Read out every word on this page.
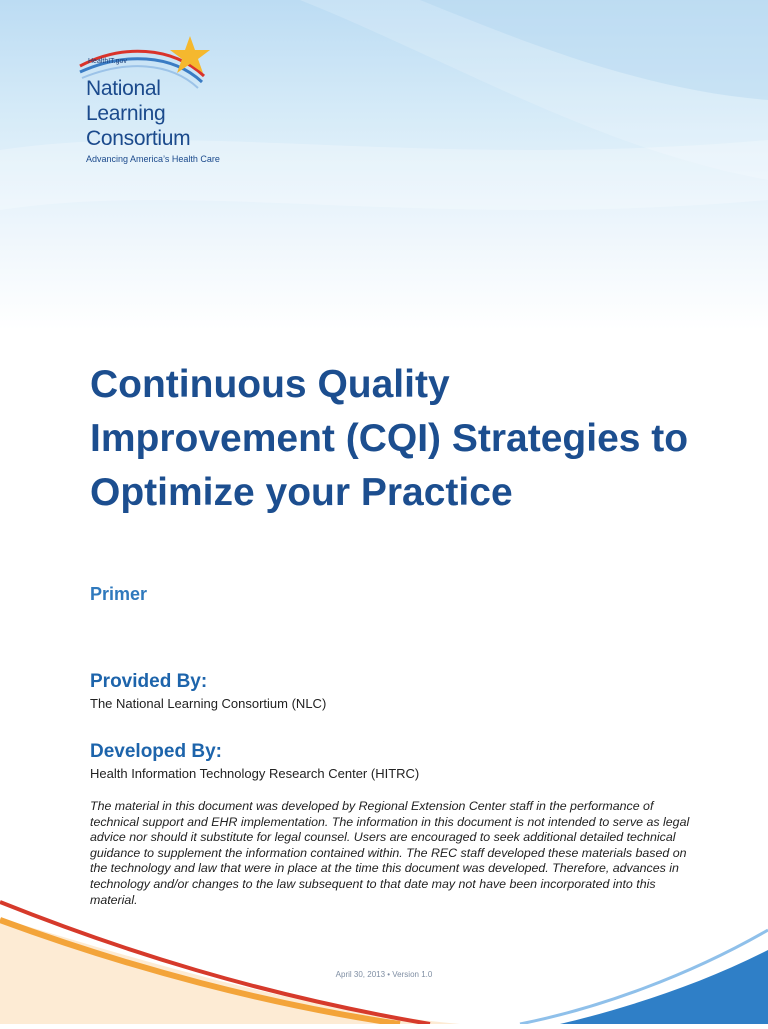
HealthIT.gov
National
Learning
Consortium
Advancing America’s Health Care
Continuous Quality Improvement (CQI) Strategies to Optimize your Practice

Primer

Provided By:

The National Learning Consortium (NLC)

Developed By:

Health Information Technology Research Center (HITRC)

The material in this document was developed by Regional Extension Center staff in the performance of technical support and EHR implementation. The information in this document is not intended to serve as legal advice nor should it substitute for legal counsel. Users are encouraged to seek additional detailed technical guidance to supplement the information contained within. The REC staff developed these materials based on the technology and law that were in place at the time this document was developed. Therefore, advances in technology and/or changes to the law subsequent to that date may not have been incorporated into this material.

April 30, 2013 • Version 1.0
